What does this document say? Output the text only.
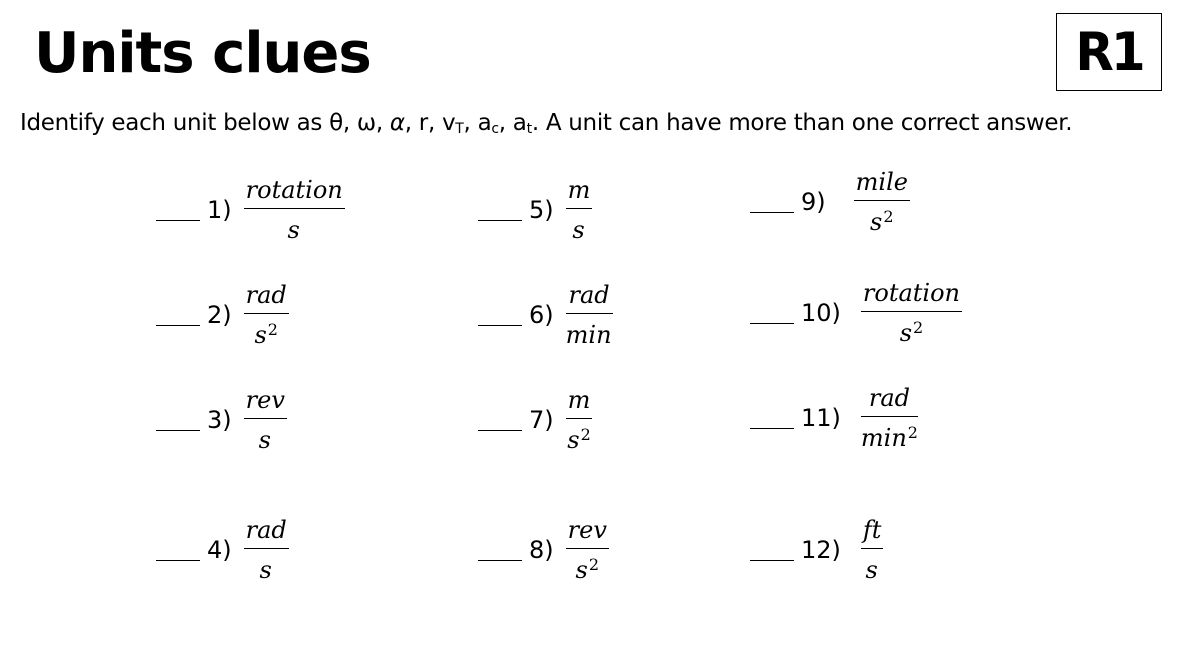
Units clues	R1
Identify each unit below as θ, ω, α, r, $v_T$, $a_c$, $a_t$. A unit can have more than one correct answer.
$1) \frac{\text{rotation}}{s}$
$2) \frac{\text{rad}}{s^2}$
$3) \frac{\text{rev}}{s}$
$4) \frac{\text{rad}}{s}$
$5) \frac{m}{s}$
$6) \frac{\text{rad}}{\min}$
$7) \frac{m}{s^2}$
$8) \frac{\text{rev}}{s^2}$
$9) \frac{\text{mile}}{s^2}$
$10) \frac{\text{rotation}}{s^2}$
$11) \frac{\text{rad}}{\min^2}$
$12) \frac{ft}{s}$
